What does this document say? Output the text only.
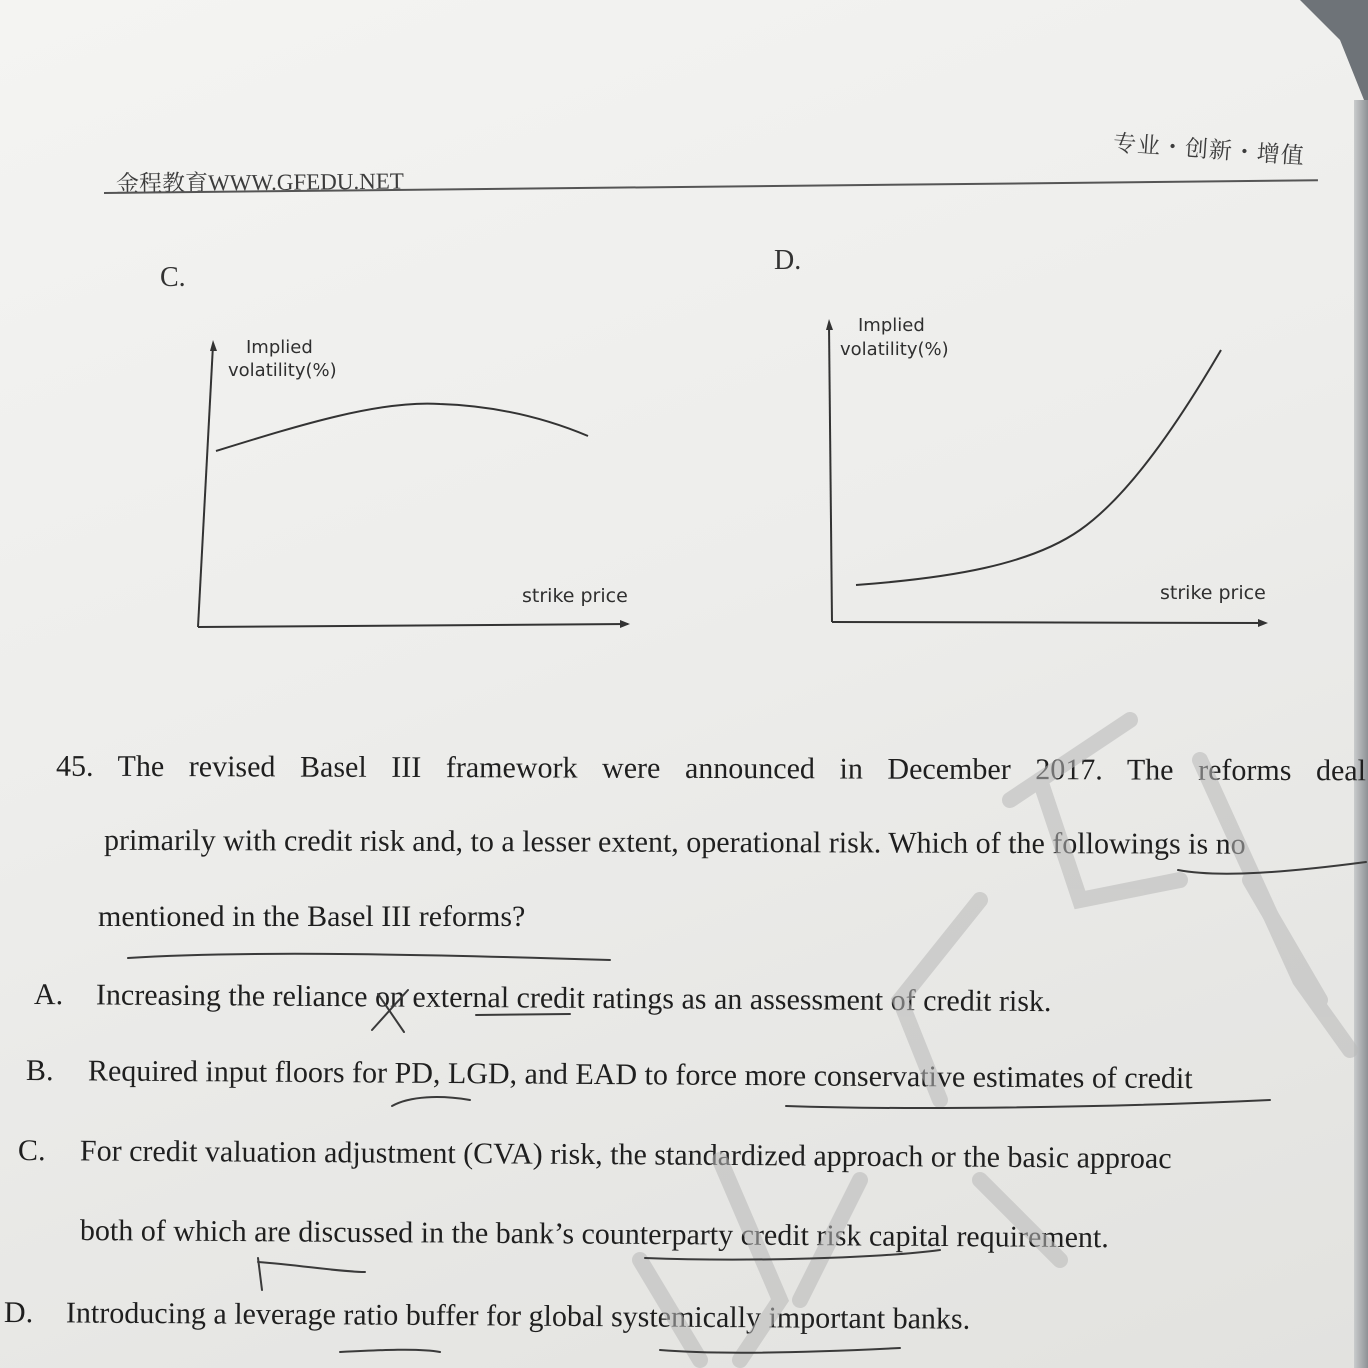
金程教育WWW.GFEDU.NET
专业・创新・增值
C.
D.
Implied
volatility(%)
strike price
Implied
volatility(%)
strike price
45. The revised Basel III framework were announced in December 2017. The reforms deal
primarily with credit risk and, to a lesser extent, operational risk. Which of the followings is no
mentioned in the Basel III reforms?
A. Increasing the reliance on external credit ratings as an assessment of credit risk.
B. Required input floors for PD, LGD, and EAD to force more conservative estimates of credit
C. For credit valuation adjustment (CVA) risk, the standardized approach or the basic approac
both of which are discussed in the bank’s counterparty credit risk capital requirement.
D. Introducing a leverage ratio buffer for global systemically important banks.
